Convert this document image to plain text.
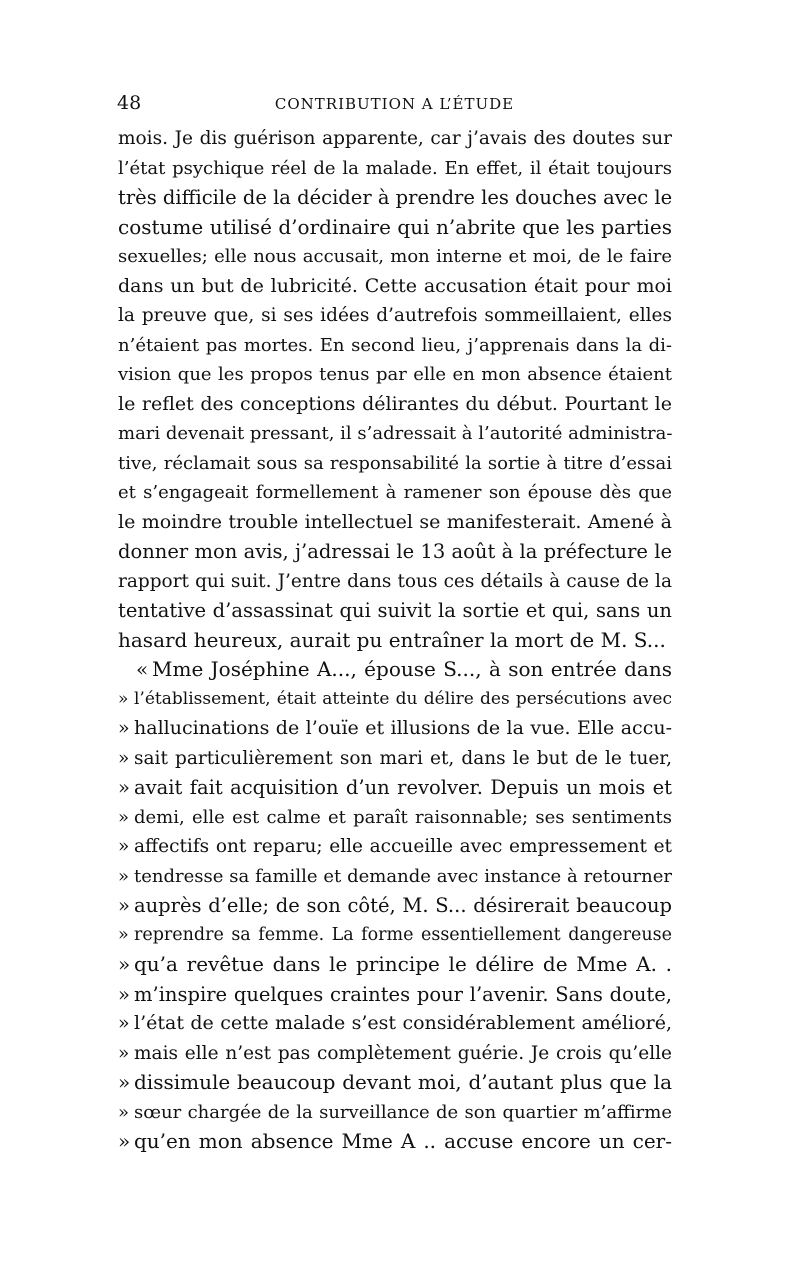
48	CONTRIBUTION A L’ÉTUDE
mois. Je dis guérison apparente, car j’avais des doutes sur
l’état psychique réel de la malade. En effet, il était toujours
très difficile de la décider à prendre les douches avec le
costume utilisé d’ordinaire qui n’abrite que les parties
sexuelles; elle nous accusait, mon interne et moi, de le faire
dans un but de lubricité. Cette accusation était pour moi
la preuve que, si ses idées d’autrefois sommeillaient, elles
n’étaient pas mortes. En second lieu, j’apprenais dans la di-
vision que les propos tenus par elle en mon absence étaient
le reflet des conceptions délirantes du début. Pourtant le
mari devenait pressant, il s’adressait à l’autorité administra-
tive, réclamait sous sa responsabilité la sortie à titre d’essai
et s’engageait formellement à ramener son épouse dès que
le moindre trouble intellectuel se manifesterait. Amené à
donner mon avis, j’adressai le 13 août à la préfecture le
rapport qui suit. J’entre dans tous ces détails à cause de la
tentative d’assassinat qui suivit la sortie et qui, sans un
hasard heureux, aurait pu entraîner la mort de M. S...
« Mme Joséphine A..., épouse S..., à son entrée dans
» l’établissement, était atteinte du délire des persécutions avec
» hallucinations de l’ouïe et illusions de la vue. Elle accu-
» sait particulièrement son mari et, dans le but de le tuer,
» avait fait acquisition d’un revolver. Depuis un mois et
» demi, elle est calme et paraît raisonnable; ses sentiments
» affectifs ont reparu; elle accueille avec empressement et
» tendresse sa famille et demande avec instance à retourner
» auprès d’elle; de son côté, M. S... désirerait beaucoup
» reprendre sa femme. La forme essentiellement dangereuse
» qu’a revêtue dans le principe le délire de Mme A. .
» m’inspire quelques craintes pour l’avenir. Sans doute,
» l’état de cette malade s’est considérablement amélioré,
» mais elle n’est pas complètement guérie. Je crois qu’elle
» dissimule beaucoup devant moi, d’autant plus que la
» sœur chargée de la surveillance de son quartier m’affirme
» qu’en mon absence Mme A .. accuse encore un cer-
